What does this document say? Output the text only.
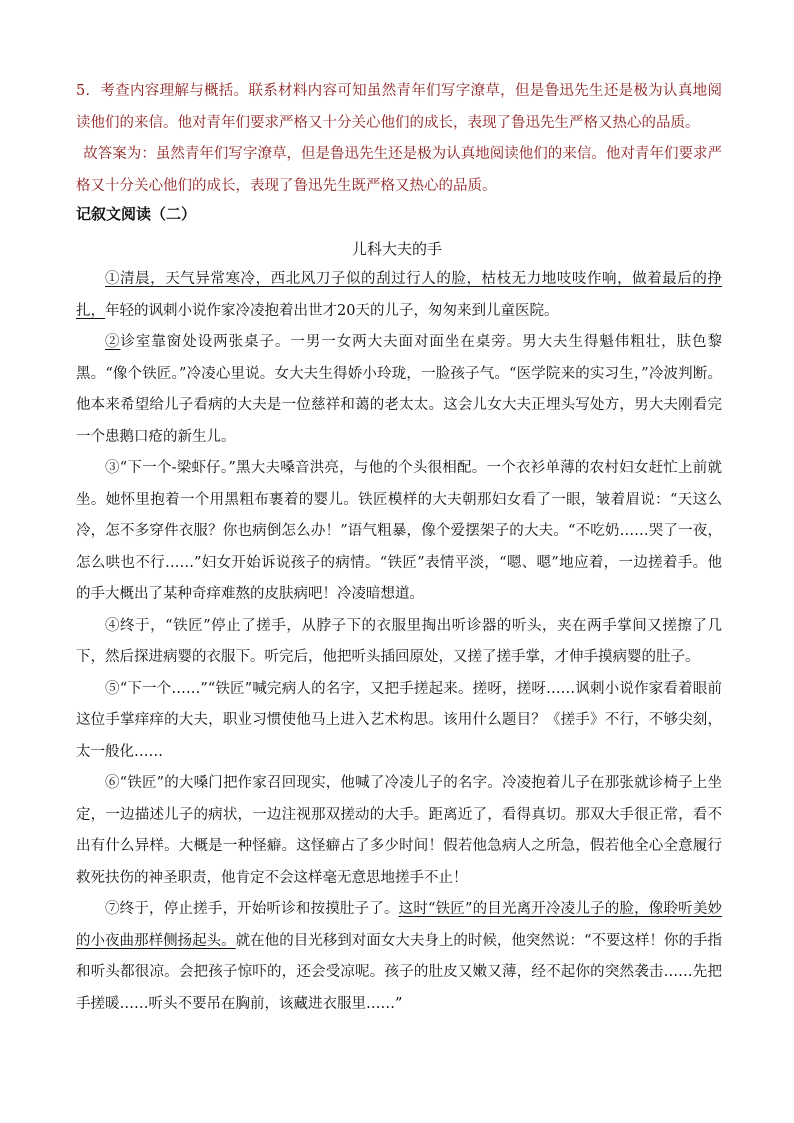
5．考查内容理解与概括。联系材料内容可知虽然青年们写字潦草，但是鲁迅先生还是极为认真地阅读他们的来信。他对青年们要求严格又十分关心他们的成长，表现了鲁迅先生严格又热心的品质。

故答案为：虽然青年们写字潦草，但是鲁迅先生还是极为认真地阅读他们的来信。他对青年们要求严格又十分关心他们的成长，表现了鲁迅先生既严格又热心的品质。

记叙文阅读（二）
儿科大夫的手

①清晨，天气异常寒冷，西北风刀子似的刮过行人的脸，枯枝无力地吱吱作响，做着最后的挣扎，年轻的讽刺小说作家冷凌抱着出世才20天的儿子，匆匆来到儿童医院。

②诊室靠窗处设两张桌子。一男一女两大夫面对面坐在桌旁。男大夫生得魁伟粗壮，肤色黎黑。“像个铁匠。”冷凌心里说。女大夫生得娇小玲珑，一脸孩子气。“医学院来的实习生，”冷波判断。他本来希望给儿子看病的大夫是一位慈祥和蔼的老太太。这会儿女大夫正埋头写处方，男大夫刚看完一个患鹅口疮的新生儿。

③“下一个-梁虾仔。”黑大夫嗓音洪亮，与他的个头很相配。一个衣衫单薄的农村妇女赶忙上前就坐。她怀里抱着一个用黑粗布裹着的婴儿。铁匠模样的大夫朝那妇女看了一眼，皱着眉说：“天这么冷，怎不多穿件衣服？你也病倒怎么办！”语气粗暴，像个爱摆架子的大夫。“不吃奶……哭了一夜，怎么哄也不行……”妇女开始诉说孩子的病情。“铁匠”表情平淡，“嗯、嗯”地应着，一边搓着手。他的手大概出了某种奇痒难熬的皮肤病吧！冷凌暗想道。

④终于，“铁匠”停止了搓手，从脖子下的衣服里掏出听诊器的听头，夹在两手掌间又搓擦了几下，然后探进病婴的衣服下。听完后，他把听头插回原处，又搓了搓手掌，才伸手摸病婴的肚子。

⑤“下一个……”“铁匠”喊完病人的名字，又把手搓起来。搓呀，搓呀……讽刺小说作家看着眼前这位手掌痒痒的大夫，职业习惯使他马上进入艺术构思。该用什么题目？《搓手》不行，不够尖刻，太一般化……

⑥“铁匠”的大嗓门把作家召回现实，他喊了冷凌儿子的名字。冷凌抱着儿子在那张就诊椅子上坐定，一边描述儿子的病状，一边注视那双搓动的大手。距离近了，看得真切。那双大手很正常，看不出有什么异样。大概是一种怪癖。这怪癖占了多少时间！假若他急病人之所急，假若他全心全意履行救死扶伤的神圣职责，他肯定不会这样毫无意思地搓手不止！

⑦终于，停止搓手，开始听诊和按摸肚子了。这时“铁匠”的目光离开冷凌儿子的脸，像聆听美妙的小夜曲那样侧扬起头。就在他的目光移到对面女大夫身上的时候，他突然说：“不要这样！你的手指和听头都很凉。会把孩子惊吓的，还会受凉呢。孩子的肚皮又嫩又薄，经不起你的突然袭击……先把手搓暖……听头不要吊在胸前，该藏进衣服里……”
